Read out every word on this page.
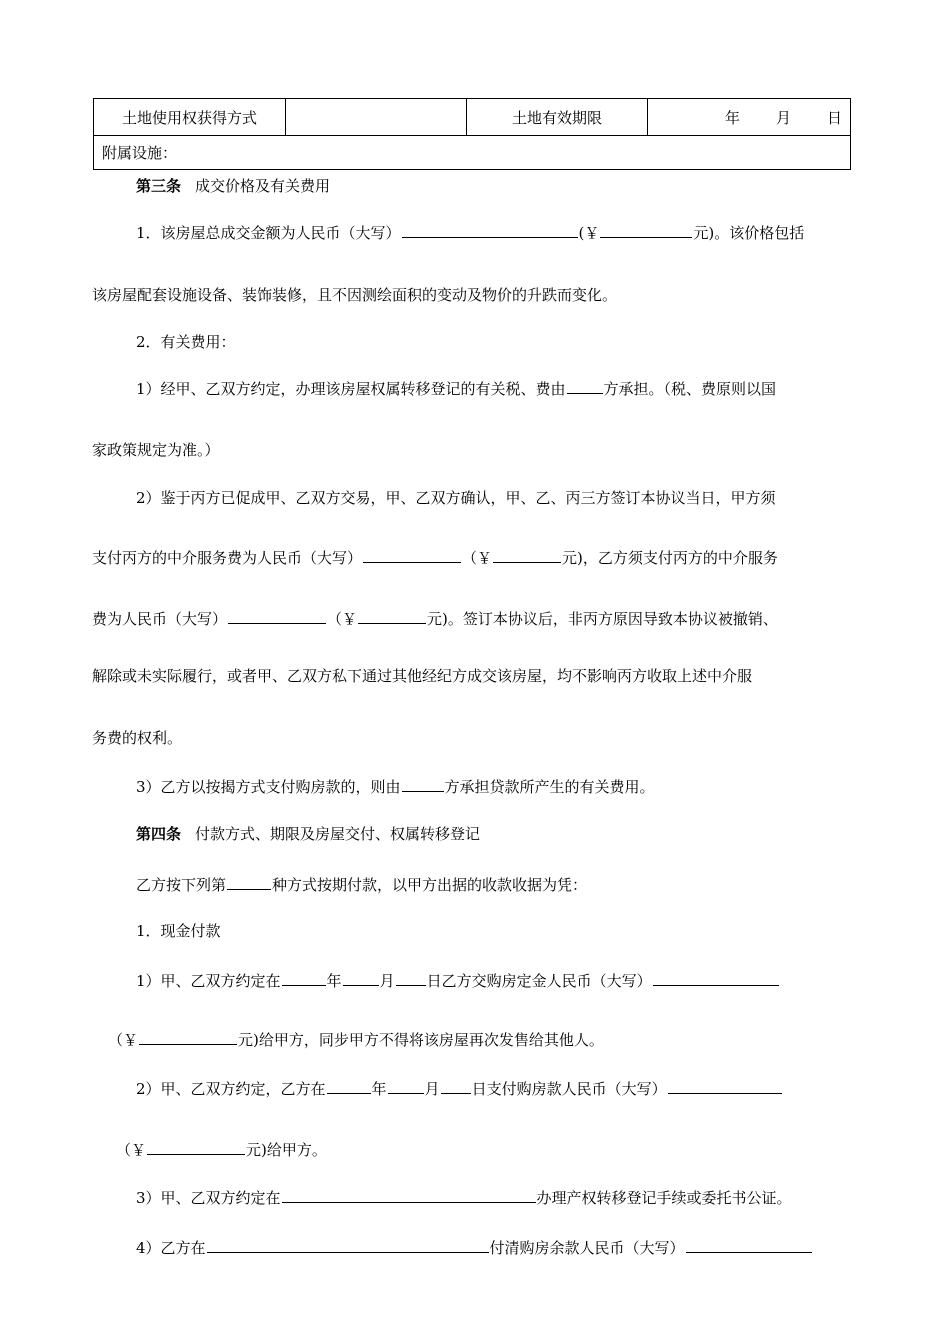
土地使用权获得方式		土地有效期限	年 月 日
附属设施：
第三条 成交价格及有关费用
1．该房屋总成交金额为人民币（大写）	(￥	元)。该价格包括
该房屋配套设施设备、装饰装修，且不因测绘面积的变动及物价的升跌而变化。
2．有关费用：
1）经甲、乙双方约定，办理该房屋权属转移登记的有关税、费由	方承担。（税、费原则以国
家政策规定为准。）
2）鉴于丙方已促成甲、乙双方交易，甲、乙双方确认，甲、乙、丙三方签订本协议当日，甲方须
支付丙方的中介服务费为人民币（大写）	（￥	元)，乙方须支付丙方的中介服务
费为人民币（大写）	（￥	元)。签订本协议后，非丙方原因导致本协议被撤销、
解除或未实际履行，或者甲、乙双方私下通过其他经纪方成交该房屋，均不影响丙方收取上述中介服
务费的权利。
3）乙方以按揭方式支付购房款的，则由	方承担贷款所产生的有关费用。
第四条 付款方式、期限及房屋交付、权属转移登记
乙方按下列第	种方式按期付款，以甲方出据的收款收据为凭：
1．现金付款
1）甲、乙双方约定在	年	月 日乙方交购房定金人民币（大写）
（￥	元)给甲方，同步甲方不得将该房屋再次发售给其他人。
2）甲、乙双方约定，乙方在	年	月 日支付购房款人民币（大写）
（￥	元)给甲方。
3）甲、乙双方约定在	办理产权转移登记手续或委托书公证。
4）乙方在	付清购房余款人民币（大写）
